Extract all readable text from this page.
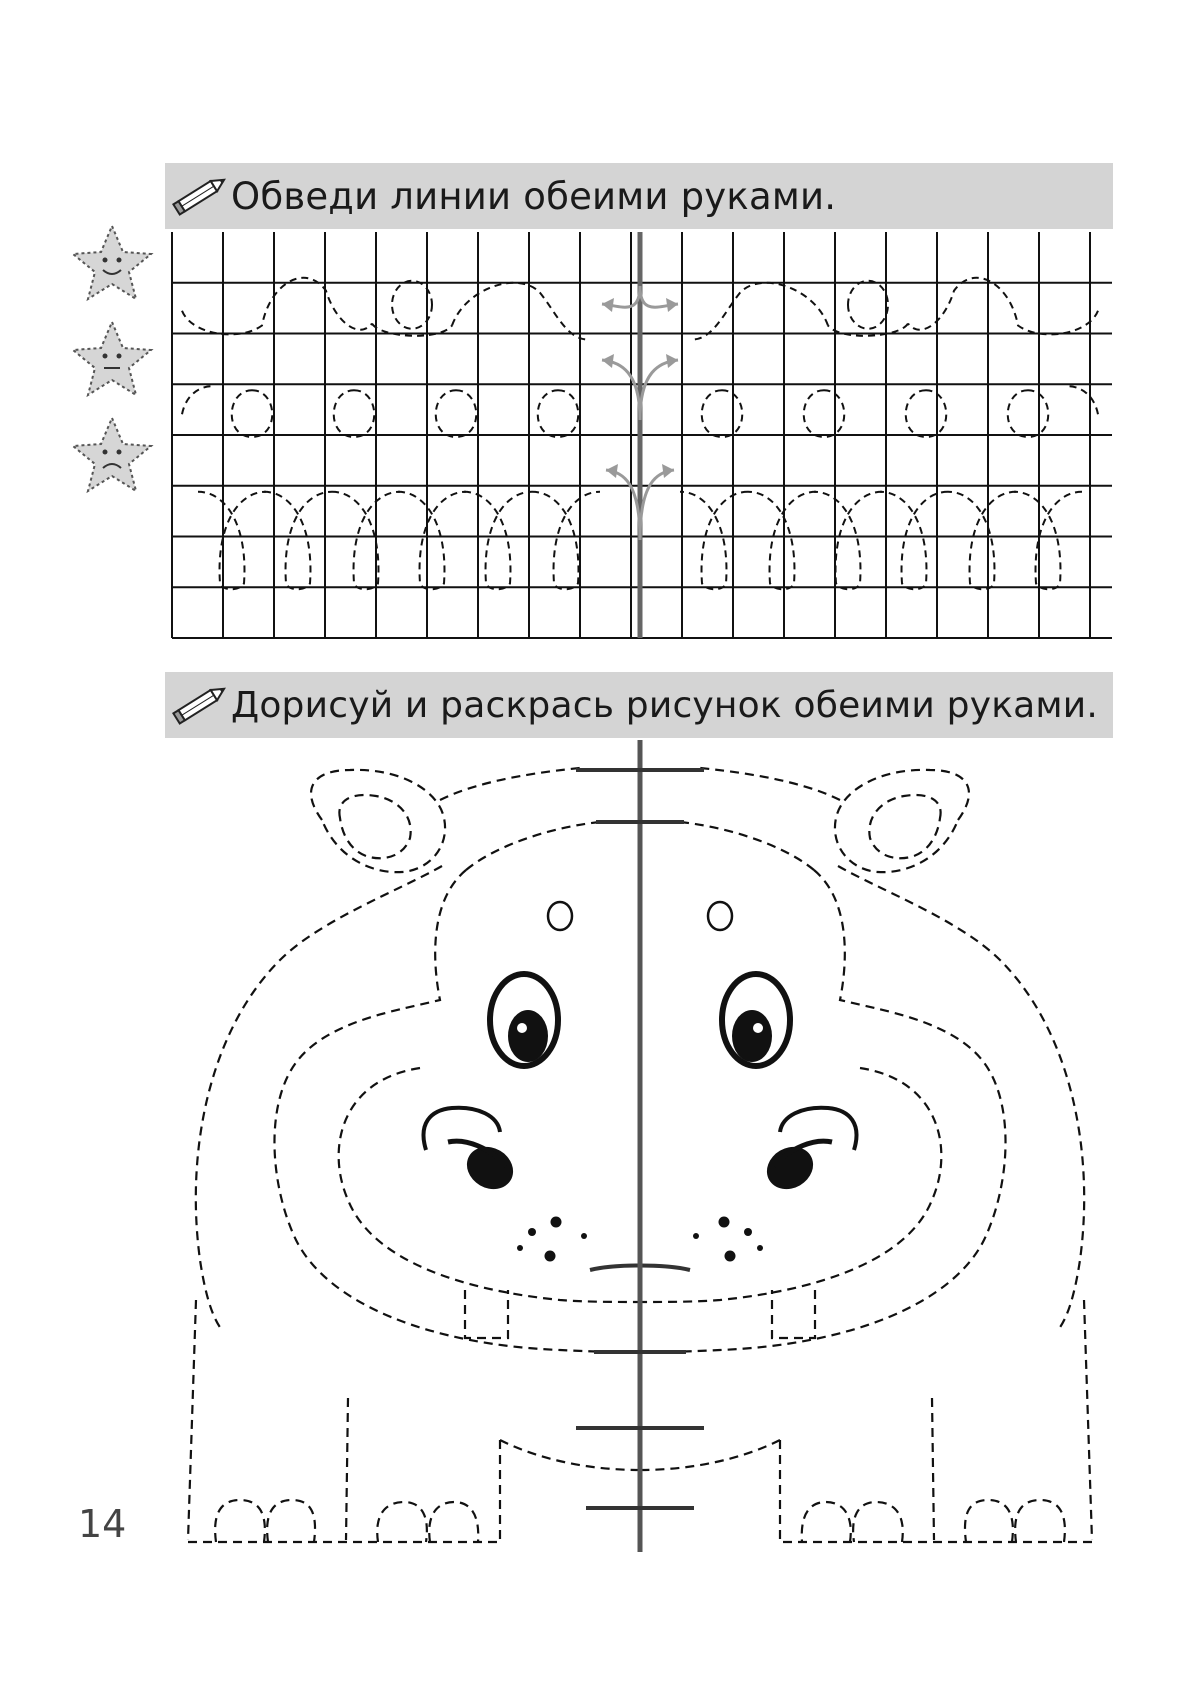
Обведи линии обеими руками.
Дорисуй и раскрась рисунок обеими руками.
14
